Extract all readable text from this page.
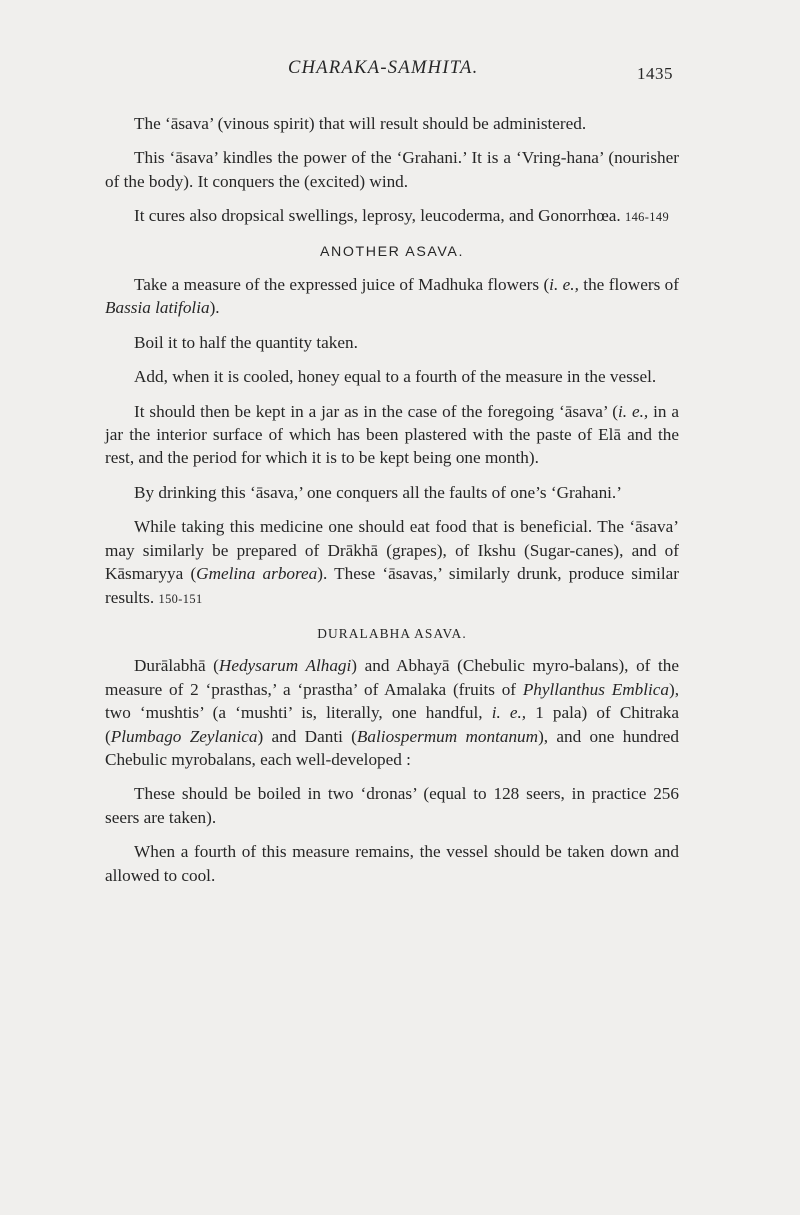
CHARAKA-SAMHITA.	1435

The ‘āsava’ (vinous spirit) that will result should be administered.

This ‘āsava’ kindles the power of the ‘Grahani.’ It is a ‘Vring-hana’ (nourisher of the body). It conquers the (excited) wind.

It cures also dropsical swellings, leprosy, leucoderma, and Gonorrhœa. 146-149

ANOTHER ASAVA.

Take a measure of the expressed juice of Madhuka flowers (i. e., the flowers of Bassia latifolia).

Boil it to half the quantity taken.

Add, when it is cooled, honey equal to a fourth of the measure in the vessel.

It should then be kept in a jar as in the case of the foregoing ‘āsava’ (i. e., in a jar the interior surface of which has been plastered with the paste of Elā and the rest, and the period for which it is to be kept being one month).

By drinking this ‘āsava,’ one conquers all the faults of one’s ‘Grahani.’

While taking this medicine one should eat food that is beneficial. The ‘āsava’ may similarly be prepared of Drākhā (grapes), of Ikshu (Sugar-canes), and of Kāsmaryya (Gmelina arborea). These ‘āsavas,’ similarly drunk, produce similar results. 150-151

DURALABHA ASAVA.

Durālabhā (Hedysarum Alhagi) and Abhayā (Chebulic myro-balans), of the measure of 2 ‘prasthas,’ a ‘prastha’ of Amalaka (fruits of Phyllanthus Emblica), two ‘mushtis’ (a ‘mushti’ is, literally, one handful, i. e., 1 pala) of Chitraka (Plumbago Zeylanica) and Danti (Baliospermum montanum), and one hundred Chebulic myrobalans, each well-developed :

These should be boiled in two ‘dronas’ (equal to 128 seers, in practice 256 seers are taken).

When a fourth of this measure remains, the vessel should be taken down and allowed to cool.
